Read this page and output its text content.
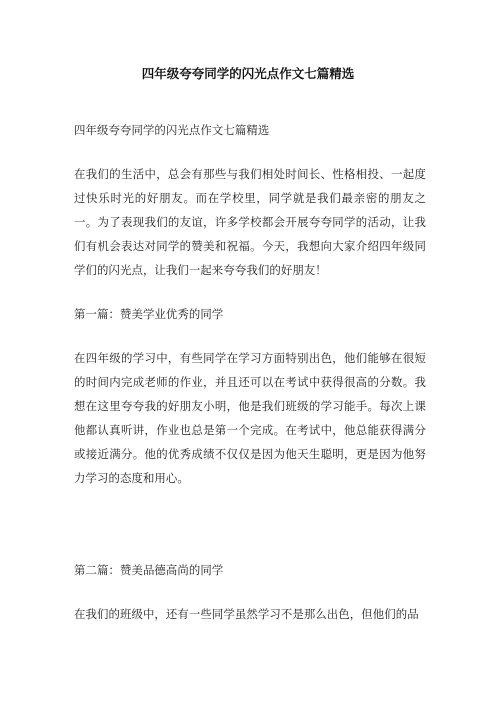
四年级夸夸同学的闪光点作文七篇精选

四年级夸夸同学的闪光点作文七篇精选

在我们的生活中，总会有那些与我们相处时间长、性格相投、一起度过快乐时光的好朋友。而在学校里，同学就是我们最亲密的朋友之一。为了表现我们的友谊，许多学校都会开展夸夸同学的活动，让我们有机会表达对同学的赞美和祝福。今天，我想向大家介绍四年级同学们的闪光点，让我们一起来夸夸我们的好朋友！

第一篇：赞美学业优秀的同学

在四年级的学习中，有些同学在学习方面特别出色，他们能够在很短的时间内完成老师的作业，并且还可以在考试中获得很高的分数。我想在这里夸夸我的好朋友小明，他是我们班级的学习能手。每次上课他都认真听讲，作业也总是第一个完成。在考试中，他总能获得满分或接近满分。他的优秀成绩不仅仅是因为他天生聪明，更是因为他努力学习的态度和用心。

第二篇：赞美品德高尚的同学

在我们的班级中，还有一些同学虽然学习不是那么出色，但他们的品
